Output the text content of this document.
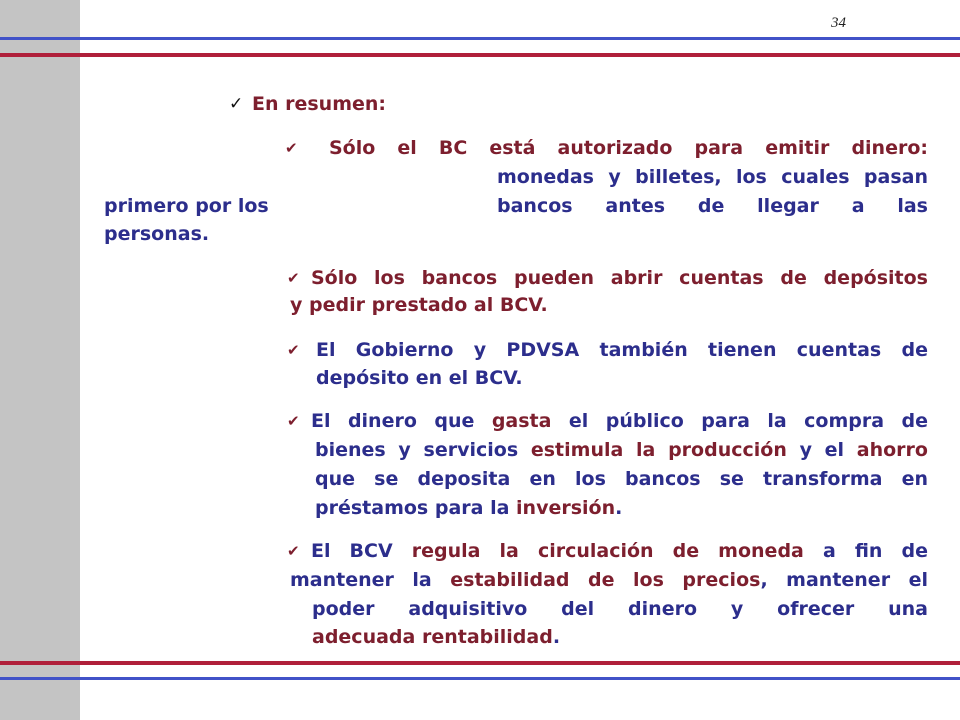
34
✓
En resumen:
✔
Sólo el BC está autorizado para emitir dinero:
monedas y billetes, los cuales pasan
primero por los	bancos antes de llegar a las
personas.
✔
Sólo los bancos pueden abrir cuentas de depósitos
y pedir prestado al BCV.
✔
El Gobierno y PDVSA también tienen cuentas de
depósito en el BCV.
✔
El dinero que gasta el público para la compra de
bienes y servicios estimula la producción y el ahorro
que se deposita en los bancos se transforma en
préstamos para la inversión.
✔
El BCV regula la circulación de moneda a fin de
mantener la estabilidad de los precios, mantener el
poder adquisitivo del dinero y ofrecer una
adecuada rentabilidad.
